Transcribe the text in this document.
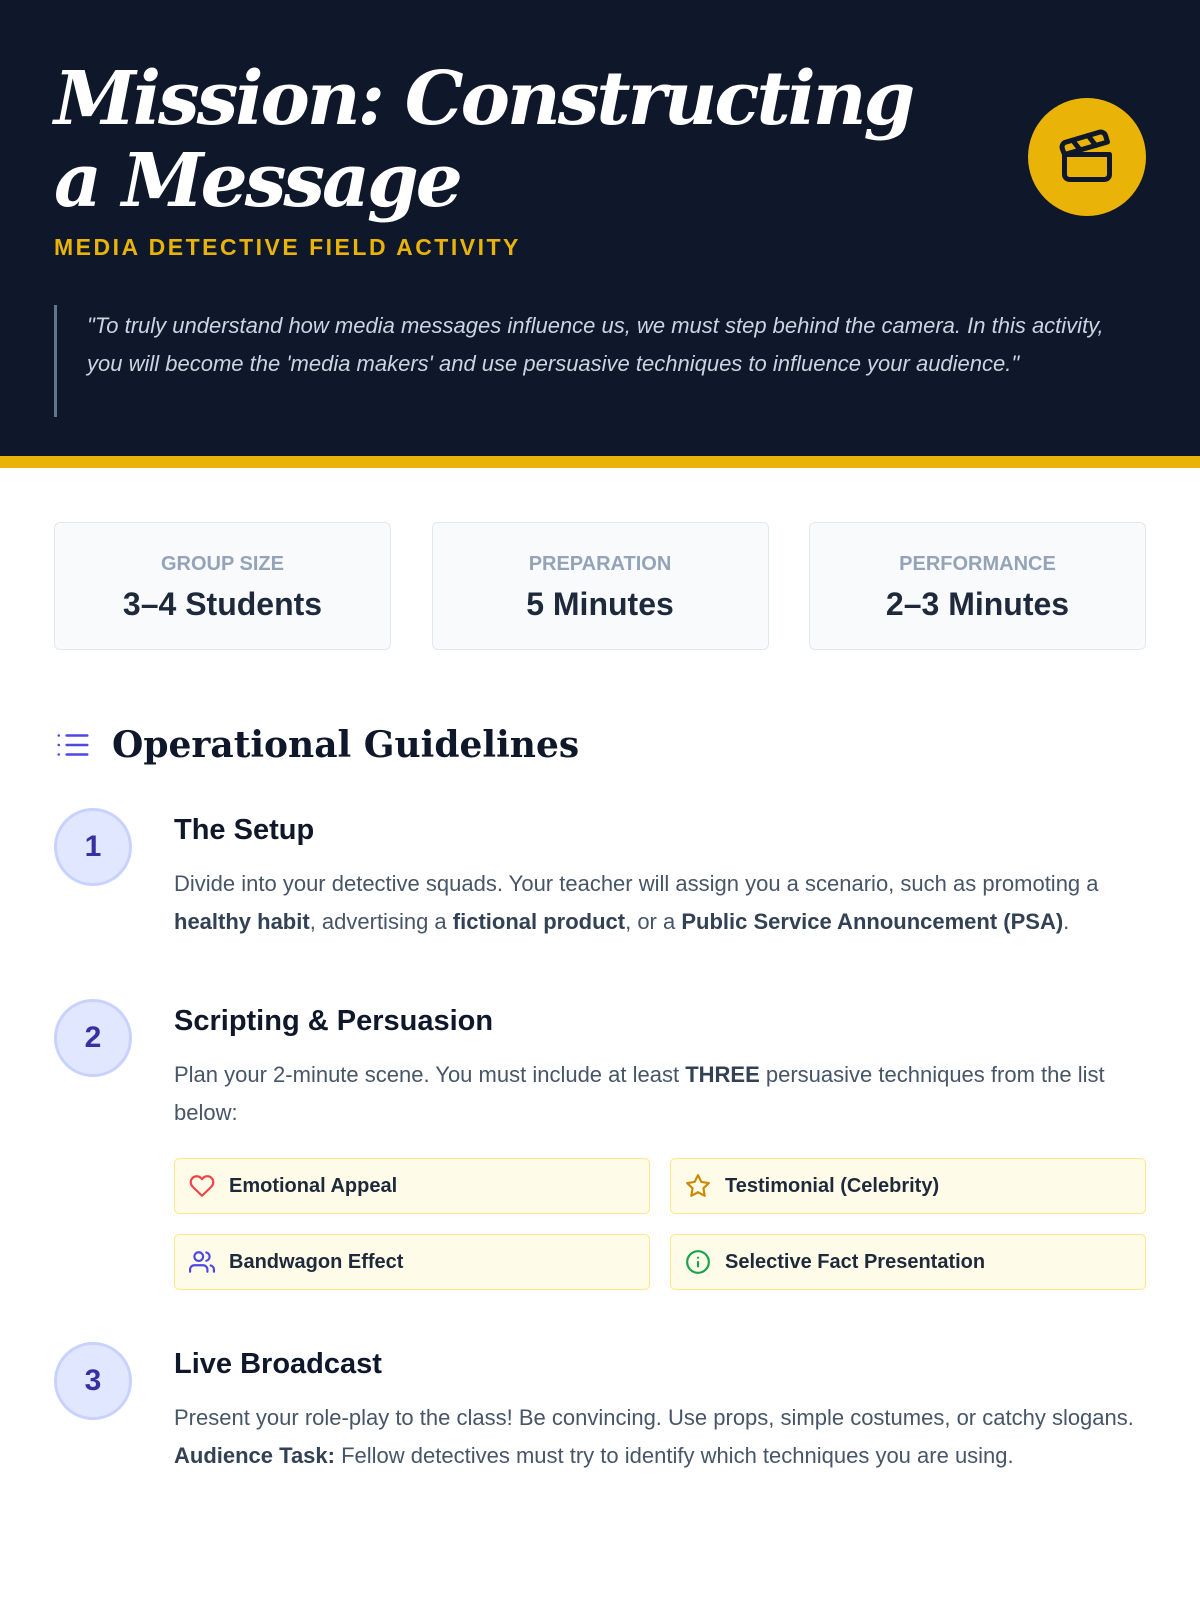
Mission: Constructing a Message
MEDIA DETECTIVE FIELD ACTIVITY
"To truly understand how media messages influence us, we must step behind the camera. In this activity, you will become the 'media makers' and use persuasive techniques to influence your audience."
GROUP SIZE
3–4 Students
PREPARATION
5 Minutes
PERFORMANCE
2–3 Minutes
Operational Guidelines
1	The Setup

Divide into your detective squads. Your teacher will assign you a scenario, such as promoting a healthy habit, advertising a fictional product, or a Public Service Announcement (PSA).

2	Scripting & Persuasion

Plan your 2-minute scene. You must include at least THREE persuasive techniques from the list below:

Emotional Appeal	Testimonial (Celebrity)
Bandwagon Effect	Selective Fact Presentation
3	Live Broadcast

Present your role-play to the class! Be convincing. Use props, simple costumes, or catchy slogans. Audience Task: Fellow detectives must try to identify which techniques you are using.
